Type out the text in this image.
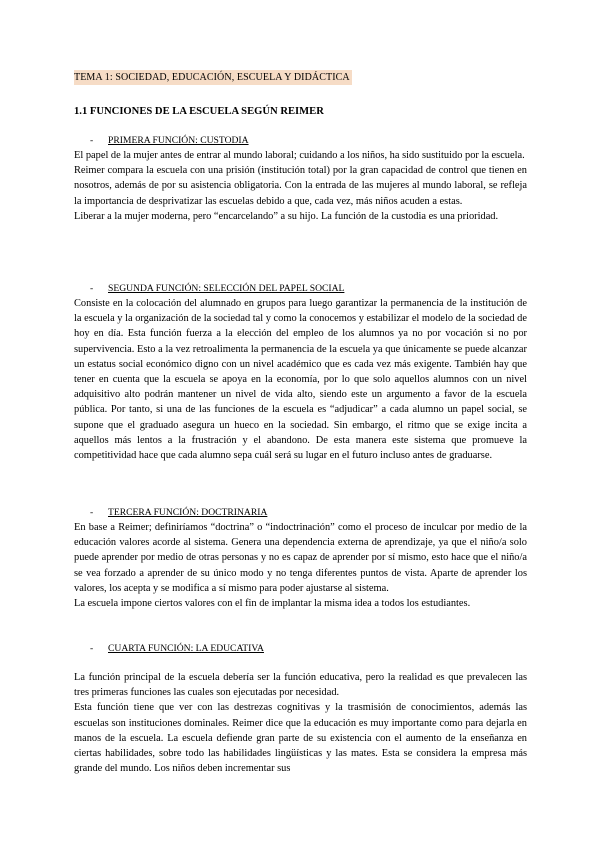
TEMA 1: SOCIEDAD, EDUCACIÓN, ESCUELA Y DIDÁCTICA
1.1 FUNCIONES DE LA ESCUELA SEGÚN REIMER
- PRIMERA FUNCIÓN: CUSTODIA

El papel de la mujer antes de entrar al mundo laboral; cuidando a los niños, ha sido sustituido por la escuela.

Reimer compara la escuela con una prisión (institución total) por la gran capacidad de control que tienen en nosotros, además de por su asistencia obligatoria. Con la entrada de las mujeres al mundo laboral, se refleja la importancia de desprivatizar las escuelas debido a que, cada vez, más niños acuden a estas.

Liberar a la mujer moderna, pero “encarcelando” a su hijo. La función de la custodia es una prioridad.

- SEGUNDA FUNCIÓN: SELECCIÓN DEL PAPEL SOCIAL

Consiste en la colocación del alumnado en grupos para luego garantizar la permanencia de la institución de la escuela y la organización de la sociedad tal y como la conocemos y estabilizar el modelo de la sociedad de hoy en día. Esta función fuerza a la elección del empleo de los alumnos ya no por vocación si no por supervivencia. Esto a la vez retroalimenta la permanencia de la escuela ya que únicamente se puede alcanzar un estatus social económico digno con un nivel académico que es cada vez más exigente. También hay que tener en cuenta que la escuela se apoya en la economía, por lo que solo aquellos alumnos con un nivel adquisitivo alto podrán mantener un nivel de vida alto, siendo este un argumento a favor de la escuela pública. Por tanto, si una de las funciones de la escuela es “adjudicar” a cada alumno un papel social, se supone que el graduado asegura un hueco en la sociedad. Sin embargo, el ritmo que se exige incita a aquellos más lentos a la frustración y el abandono. De esta manera este sistema que promueve la competitividad hace que cada alumno sepa cuál será su lugar en el futuro incluso antes de graduarse.

- TERCERA FUNCIÓN: DOCTRINARIA

En base a Reimer; definiríamos “doctrina” o “indoctrinación” como el proceso de inculcar por medio de la educación valores acorde al sistema. Genera una dependencia externa de aprendizaje, ya que el niño/a solo puede aprender por medio de otras personas y no es capaz de aprender por sí mismo, esto hace que el niño/a se vea forzado a aprender de su único modo y no tenga diferentes puntos de vista. Aparte de aprender los valores, los acepta y se modifica a sí mismo para poder ajustarse al sistema.

La escuela impone ciertos valores con el fin de implantar la misma idea a todos los estudiantes.

- CUARTA FUNCIÓN: LA EDUCATIVA

La función principal de la escuela debería ser la función educativa, pero la realidad es que prevalecen las tres primeras funciones las cuales son ejecutadas por necesidad.

Esta función tiene que ver con las destrezas cognitivas y la trasmisión de conocimientos, además las escuelas son instituciones dominales. Reimer dice que la educación es muy importante como para dejarla en manos de la escuela. La escuela defiende gran parte de su existencia con el aumento de la enseñanza en ciertas habilidades, sobre todo las habilidades lingüísticas y las mates. Esta se considera la empresa más grande del mundo. Los niños deben incrementar sus
